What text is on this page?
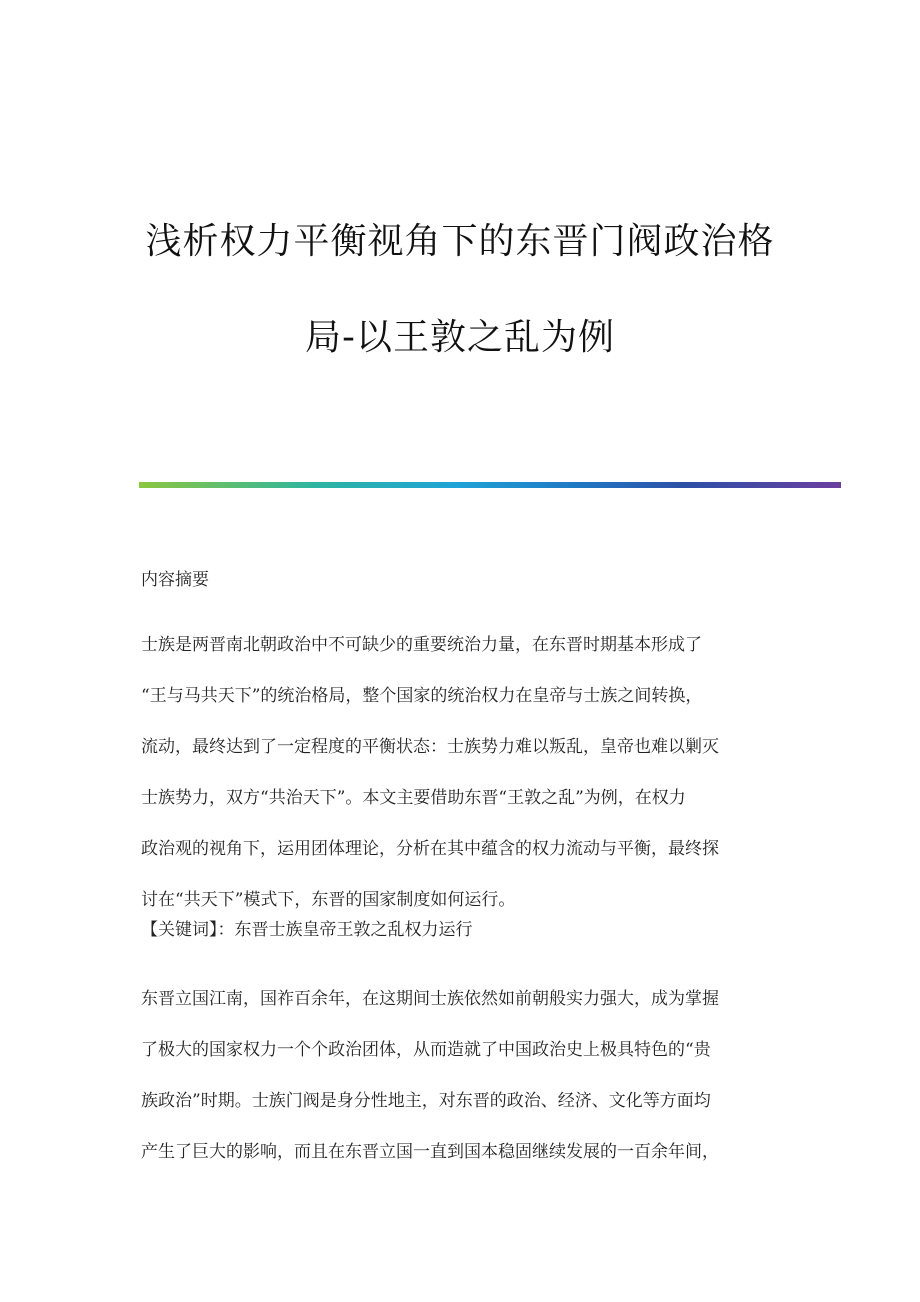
浅析权力平衡视角下的东晋门阀政治格
局-以王敦之乱为例
内容摘要
士族是两晋南北朝政治中不可缺少的重要统治力量，在东晋时期基本形成了
“王与马共天下”的统治格局，整个国家的统治权力在皇帝与士族之间转换，
流动，最终达到了一定程度的平衡状态：士族势力难以叛乱，皇帝也难以剿灭
士族势力，双方“共治天下”。本文主要借助东晋“王敦之乱”为例，在权力
政治观的视角下，运用团体理论，分析在其中蕴含的权力流动与平衡，最终探
讨在“共天下”模式下，东晋的国家制度如何运行。
【关键词】：东晋士族皇帝王敦之乱权力运行
东晋立国江南，国祚百余年，在这期间士族依然如前朝般实力强大，成为掌握
了极大的国家权力一个个政治团体，从而造就了中国政治史上极具特色的“贵
族政治”时期。士族门阀是身分性地主，对东晋的政治、经济、文化等方面均
产生了巨大的影响，而且在东晋立国一直到国本稳固继续发展的一百余年间，
